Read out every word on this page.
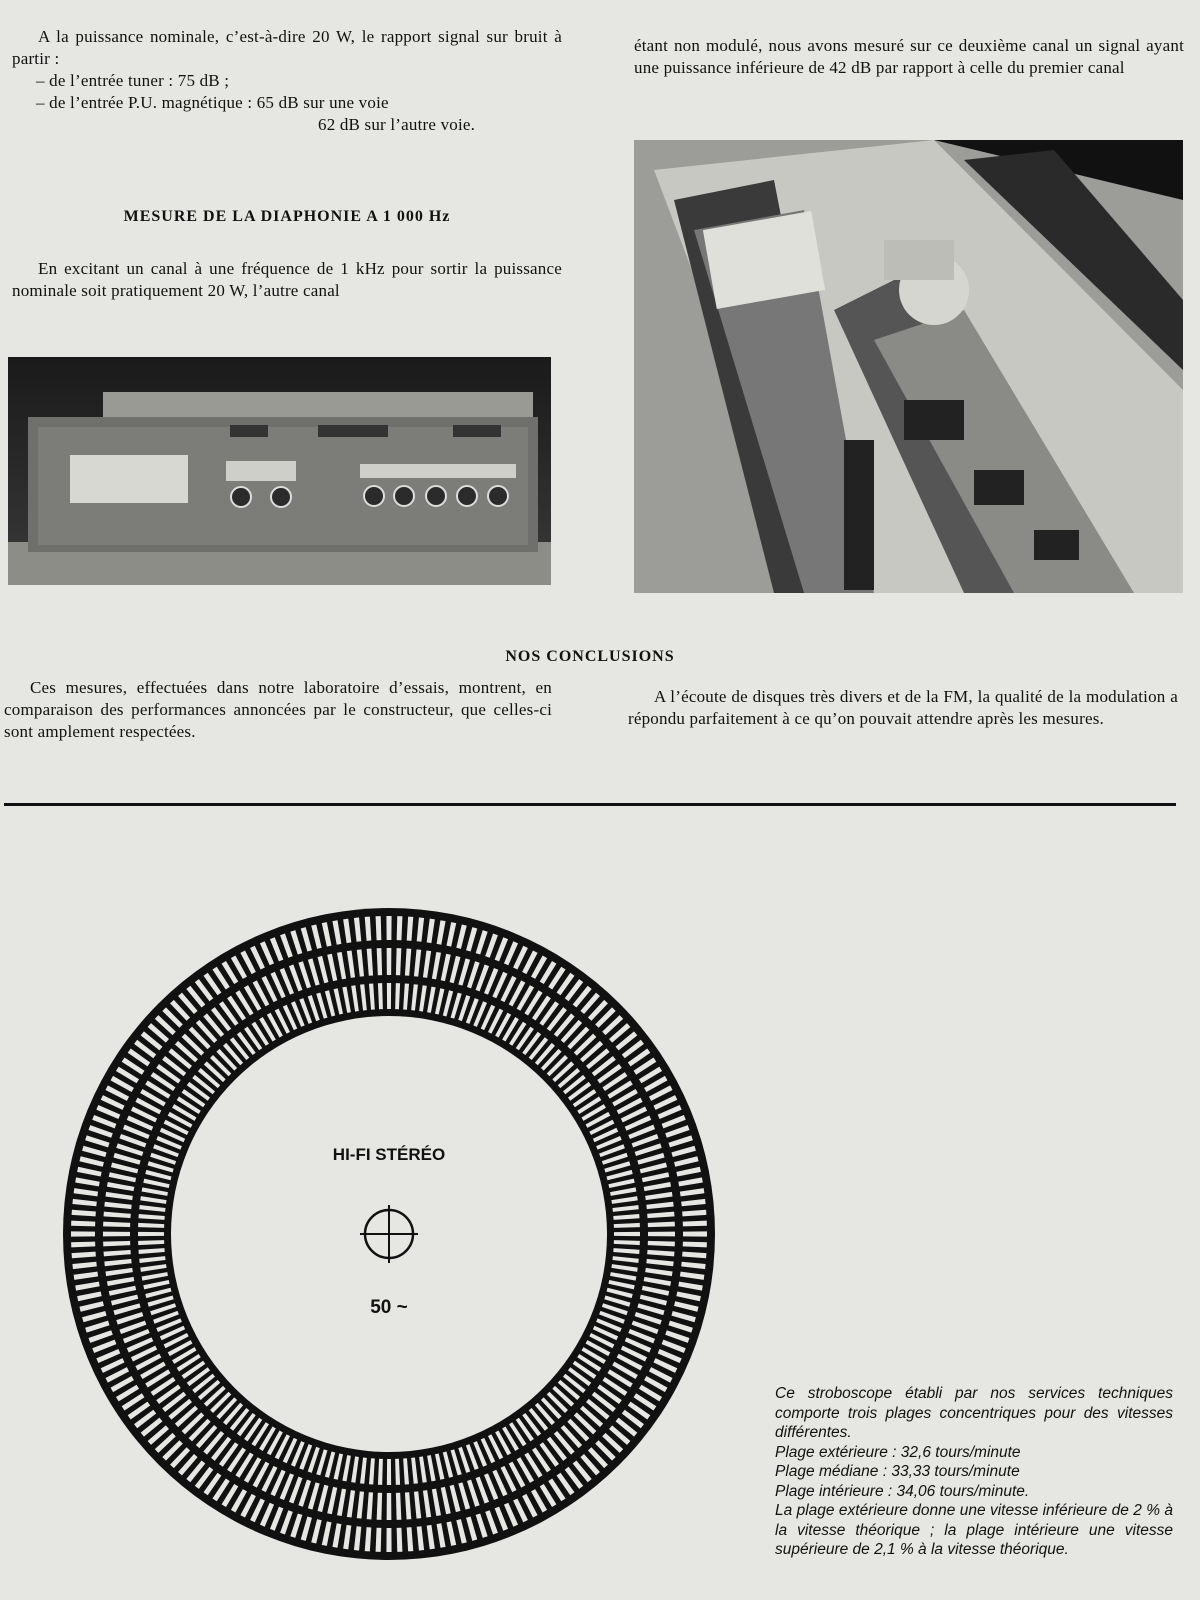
A la puissance nominale, c’est-à-dire 20 W, le rapport signal sur bruit à partir :

– de l’entrée tuner : 75 dB ;

– de l’entrée P.U. magnétique : 65 dB sur une voie

62 dB sur l’autre voie.

MESURE DE LA DIAPHONIE A 1 000 Hz

En excitant un canal à une fréquence de 1 kHz pour sortir la puissance nominale soit pratiquement 20 W, l’autre canal

étant non modulé, nous avons mesuré sur ce deuxième canal un signal ayant une puissance inférieure de 42 dB par rapport à celle du premier canal

NOS CONCLUSIONS

Ces mesures, effectuées dans notre laboratoire d’essais, montrent, en comparaison des performances annoncées par le constructeur, que celles-ci sont amplement respectées.

A l’écoute de disques très divers et de la FM, la qualité de la modulation a répondu parfaitement à ce qu’on pouvait attendre après les mesures.

HI-FI STÉRÉO
50 ~

Ce stroboscope établi par nos services techniques comporte trois plages concentriques pour des vitesses différentes.

Plage extérieure : 32,6 tours/minute

Plage médiane : 33,33 tours/minute

Plage intérieure : 34,06 tours/minute.

La plage extérieure donne une vitesse inférieure de 2 % à la vitesse théorique ; la plage intérieure une vitesse supérieure de 2,1 % à la vitesse théorique.
